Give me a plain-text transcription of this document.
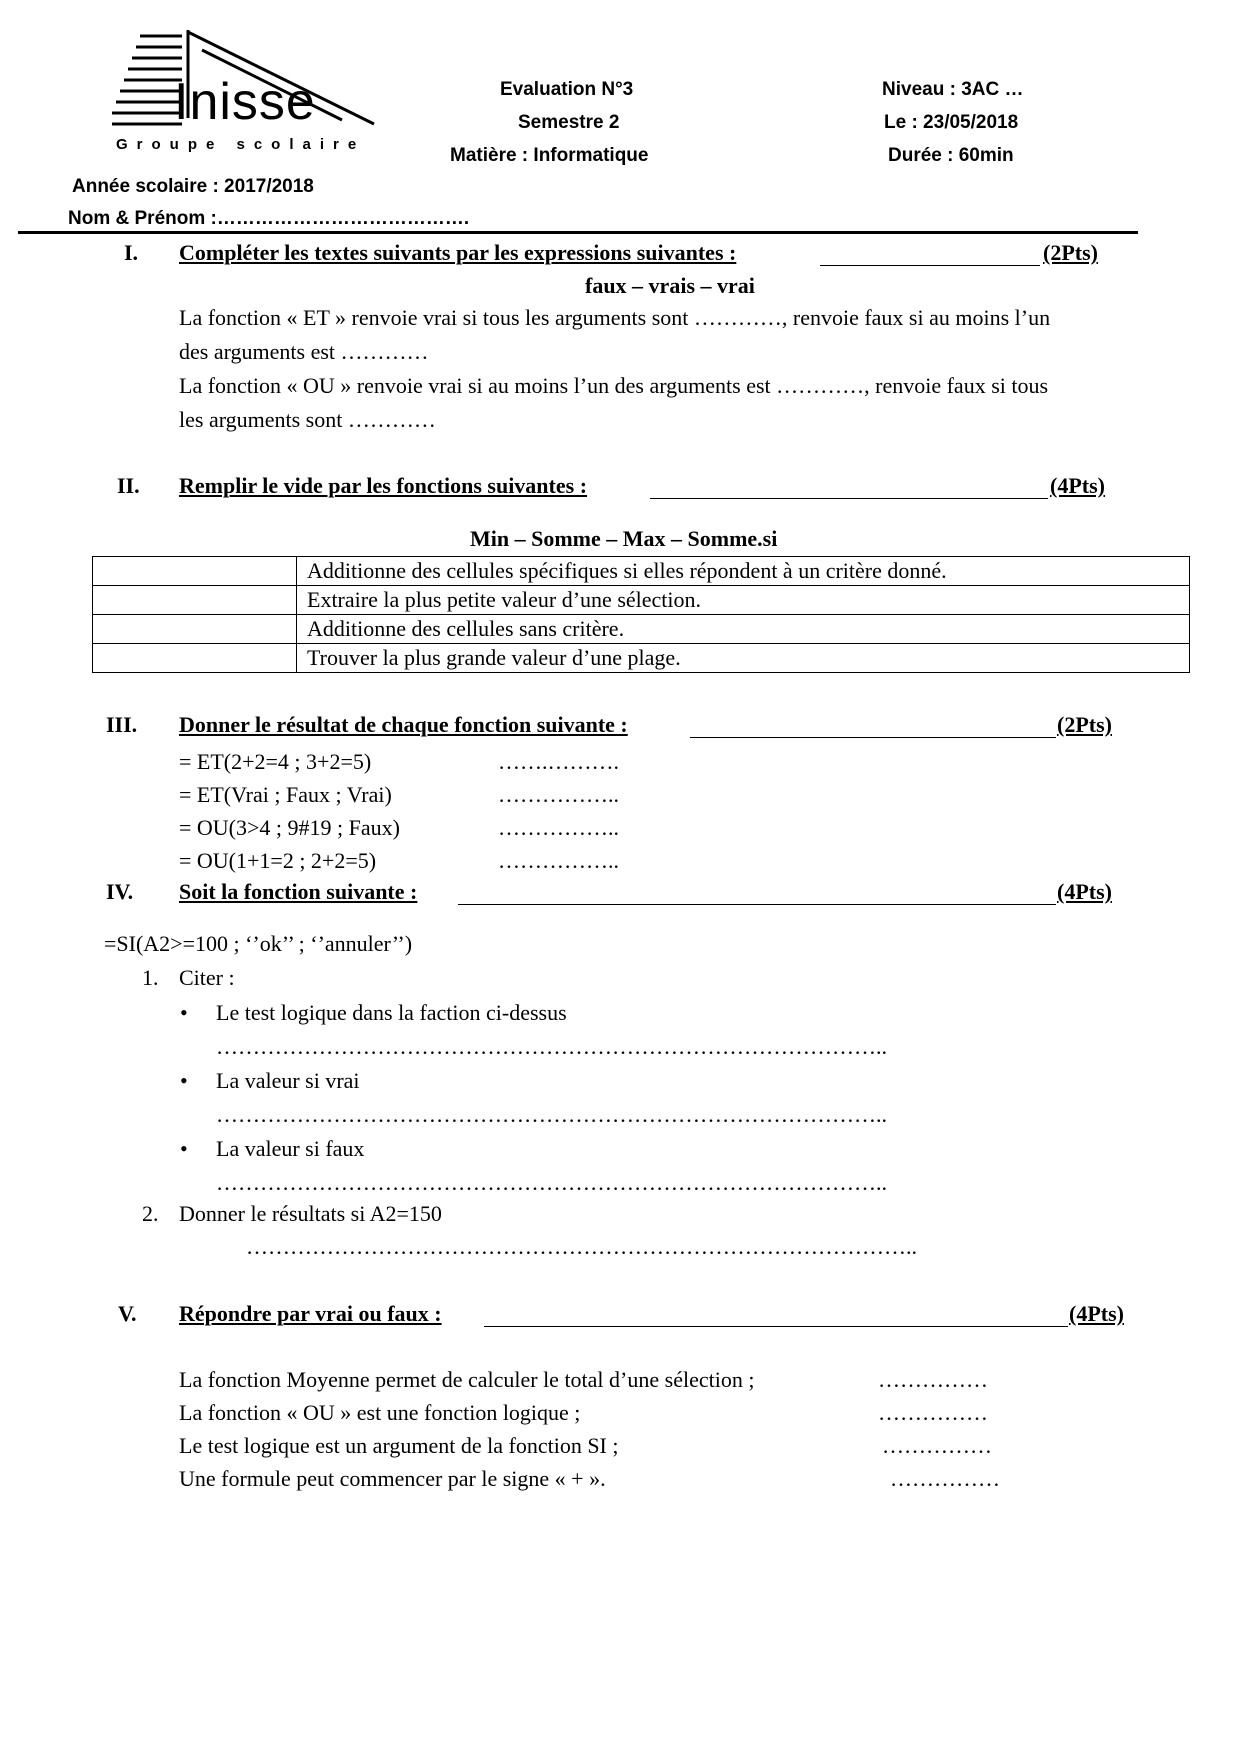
Inisse
Groupe scolaire
Evaluation N°3
Semestre 2
Matière : Informatique
Niveau : 3AC …
Le : 23/05/2018
Durée : 60min
Année scolaire : 2017/2018
Nom & Prénom :………………………………….
I. Compléter les textes suivants par les expressions suivantes :	(2Pts)
faux – vrais – vrai
La fonction « ET » renvoie vrai si tous les arguments sont …………, renvoie faux si au moins l’un
des arguments est …………
La fonction « OU » renvoie vrai si au moins l’un des arguments est …………, renvoie faux si tous
les arguments sont …………
II. Remplir le vide par les fonctions suivantes :	(4Pts)
Min – Somme – Max – Somme.si
	Additionne des cellules spécifiques si elles répondent à un critère donné.
	Extraire la plus petite valeur d’une sélection.
	Additionne des cellules sans critère.
	Trouver la plus grande valeur d’une plage.
III. Donner le résultat de chaque fonction suivante :	(2Pts)
= ET(2+2=4 ; 3+2=5)	…….……….
= ET(Vrai ; Faux ; Vrai)	……………..
= OU(3>4 ; 9#19 ; Faux)	……………..
= OU(1+1=2 ; 2+2=5)	……………..
IV. Soit la fonction suivante :	(4Pts)
=SI(A2>=100 ; ‘’ok’’ ; ‘’annuler’’)
1. Citer :
• Le test logique dans la faction ci-dessus
………………………………………………………………………………..
• La valeur si vrai
………………………………………………………………………………..
• La valeur si faux
………………………………………………………………………………..
2. Donner le résultats si A2=150
………………………………………………………………………………..
V. Répondre par vrai ou faux :	(4Pts)
La fonction Moyenne permet de calculer le total d’une sélection ;	……………
La fonction « OU » est une fonction logique ;	……………
Le test logique est un argument de la fonction SI ;	……………
Une formule peut commencer par le signe « + ».	……………
